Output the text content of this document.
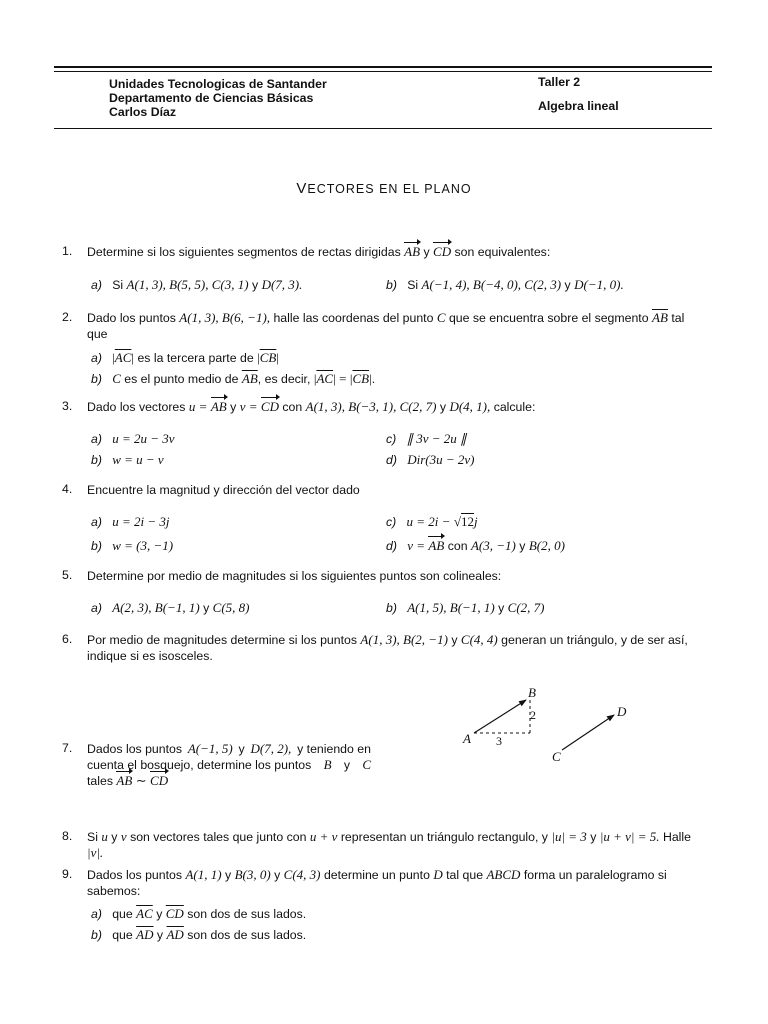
Unidades Tecnologicas de Santander
Departamento de Ciencias Básicas
Carlos Díaz
Taller 2
Algebra lineal
VECTORES EN EL PLANO
1. Determine si los siguientes segmentos de rectas dirigidas AB y CD son equivalentes:
a) Si A(1, 3), B(5, 5), C(3, 1) y D(7, 3).	b) Si A(−1, 4), B(−4, 0), C(2, 3) y D(−1, 0).
2. Dado los puntos A(1, 3), B(6, −1), halle las coordenas del punto C que se encuentra sobre el segmento $\overline{AB}$ tal
que
a) $|\overline{AC}|$ es la tercera parte de $|\overline{CB}|$
b) C es el punto medio de $\overline{AB}$, es decir, $|\overline{AC}| = |\overline{CB}|$.
3. Dado los vectores u = AB y v = CD con A(1, 3), B(−3, 1), C(2, 7) y D(4, 1), calcule:
a) u = 2u − 3v
b) w = u − v
c) ∥ 3v − 2u ∥
d) Dir(3u − 2v)
4. Encuentre la magnitud y dirección del vector dado
a) u = 2i − 3j
b) w = (3, −1)
c) u = 2i − √12j
d) v = AB con A(3, −1) y B(2, 0)
5. Determine por medio de magnitudes si los siguientes puntos son colineales:
a) A(2, 3), B(−1, 1) y C(5, 8)	b) A(1, 5), B(−1, 1) y C(2, 7)
6. Por medio de magnitudes determine si los puntos A(1, 3), B(2, −1) y C(4, 4) generan un triángulo, y de ser así,
indique si es isosceles.
B
2
A 3
D
C
7. Dados los puntos A(−1, 5) y D(7, 2), y teniendo en
cuenta el bosquejo, determine los puntos B y C
tales AB ∼ CD
8. Si u y v son vectores tales que junto con u + v representan un triángulo rectangulo, y |u| = 3 y |u + v| = 5. Halle
|v|.
9. Dados los puntos A(1, 1) y B(3, 0) y C(4, 3) determine un punto D tal que ABCD forma un paralelogramo si
sabemos:
a) que $\overline{AC}$ y $\overline{CD}$ son dos de sus lados.
b) que $\overline{AD}$ y $\overline{AD}$ son dos de sus lados.
